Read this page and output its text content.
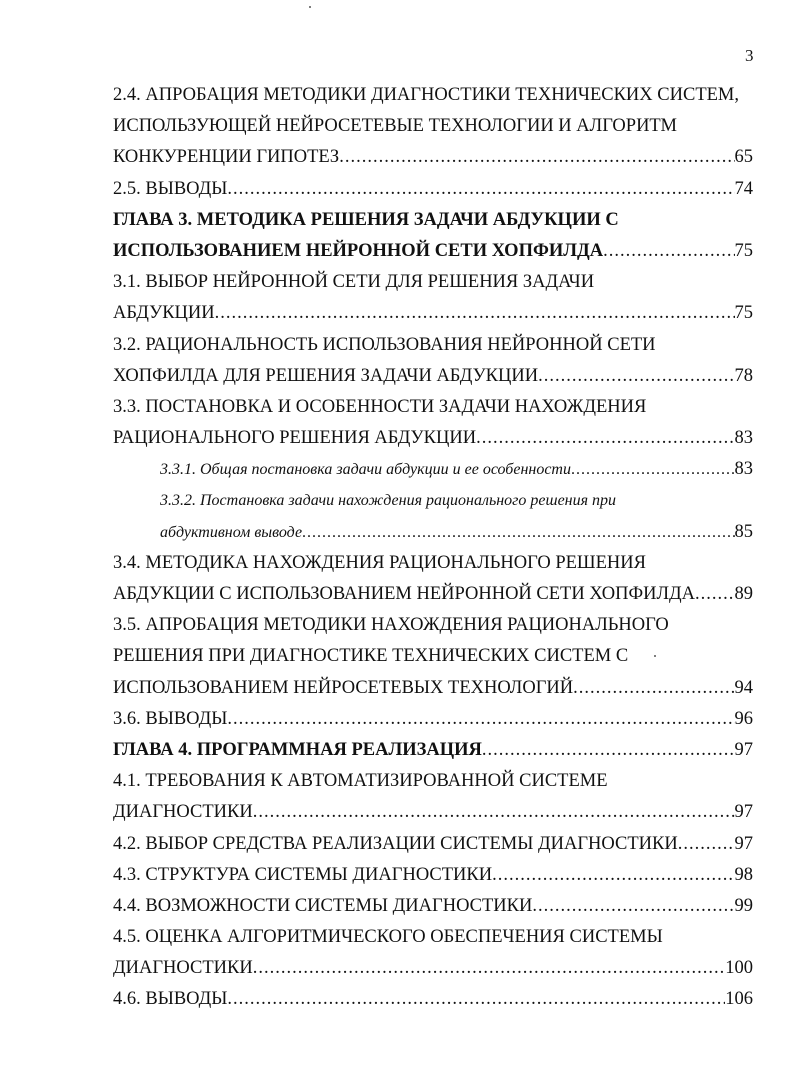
3
2.4. АПРОБАЦИЯ МЕТОДИКИ ДИАГНОСТИКИ ТЕХНИЧЕСКИХ СИСТЕМ,
ИСПОЛЬЗУЮЩЕЙ НЕЙРОСЕТЕВЫЕ ТЕХНОЛОГИИ И АЛГОРИТМ
КОНКУРЕНЦИИ ГИПОТЕЗ .....	65
2.5. ВЫВОДЫ .....	74
ГЛАВА 3. МЕТОДИКА РЕШЕНИЯ ЗАДАЧИ АБДУКЦИИ С
ИСПОЛЬЗОВАНИЕМ НЕЙРОННОЙ СЕТИ ХОПФИЛДА .....	75
3.1. ВЫБОР НЕЙРОННОЙ СЕТИ ДЛЯ РЕШЕНИЯ ЗАДАЧИ
АБДУКЦИИ .....	75
3.2. РАЦИОНАЛЬНОСТЬ ИСПОЛЬЗОВАНИЯ НЕЙРОННОЙ СЕТИ
ХОПФИЛДА ДЛЯ РЕШЕНИЯ ЗАДАЧИ АБДУКЦИИ .....	78
3.3. ПОСТАНОВКА И ОСОБЕННОСТИ ЗАДАЧИ НАХОЖДЕНИЯ
РАЦИОНАЛЬНОГО РЕШЕНИЯ АБДУКЦИИ .....	83
3.3.1. Общая постановка задачи абдукции и ее особенности .....	83
3.3.2. Постановка задачи нахождения рационального решения при
абдуктивном выводе .....	85
3.4. МЕТОДИКА НАХОЖДЕНИЯ РАЦИОНАЛЬНОГО РЕШЕНИЯ
АБДУКЦИИ С ИСПОЛЬЗОВАНИЕМ НЕЙРОННОЙ СЕТИ ХОПФИЛДА ..... 89
3.5. АПРОБАЦИЯ МЕТОДИКИ НАХОЖДЕНИЯ РАЦИОНАЛЬНОГО
РЕШЕНИЯ ПРИ ДИАГНОСТИКЕ ТЕХНИЧЕСКИХ СИСТЕМ С
ИСПОЛЬЗОВАНИЕМ НЕЙРОСЕТЕВЫХ ТЕХНОЛОГИЙ .....	94
3.6. ВЫВОДЫ .....	96
ГЛАВА 4. ПРОГРАММНАЯ РЕАЛИЗАЦИЯ .....	97
4.1. ТРЕБОВАНИЯ К АВТОМАТИЗИРОВАННОЙ СИСТЕМЕ
ДИАГНОСТИКИ .....	97
4.2. ВЫБОР СРЕДСТВА РЕАЛИЗАЦИИ СИСТЕМЫ ДИАГНОСТИКИ .....	97
4.3. СТРУКТУРА СИСТЕМЫ ДИАГНОСТИКИ .....	98
4.4. ВОЗМОЖНОСТИ СИСТЕМЫ ДИАГНОСТИКИ .....	99
4.5. ОЦЕНКА АЛГОРИТМИЧЕСКОГО ОБЕСПЕЧЕНИЯ СИСТЕМЫ
ДИАГНОСТИКИ .....	100
4.6. ВЫВОДЫ .....	106
